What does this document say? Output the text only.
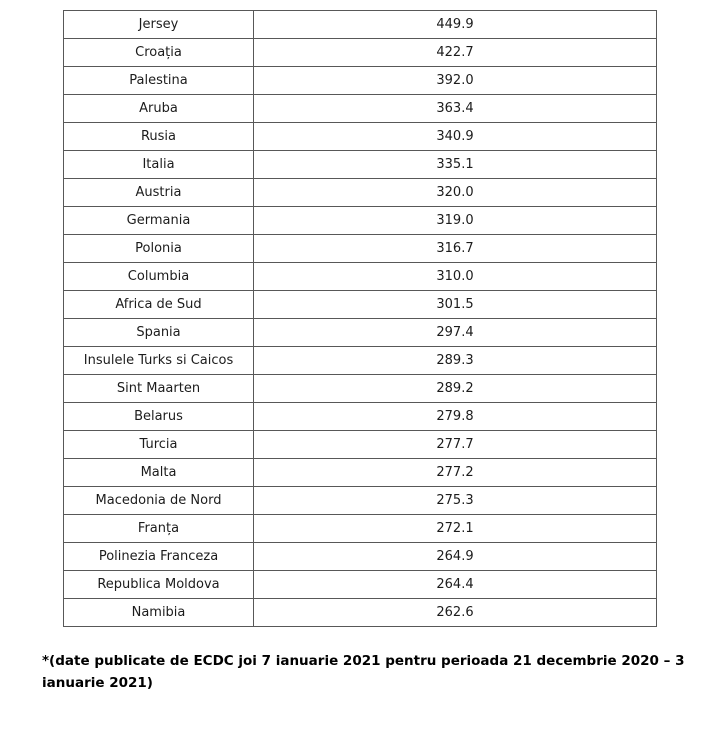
Jersey	449.9
Croația	422.7
Palestina	392.0
Aruba	363.4
Rusia	340.9
Italia	335.1
Austria	320.0
Germania	319.0
Polonia	316.7
Columbia	310.0
Africa de Sud	301.5
Spania	297.4
Insulele Turks si Caicos	289.3
Sint Maarten	289.2
Belarus	279.8
Turcia	277.7
Malta	277.2
Macedonia de Nord	275.3
Franța	272.1
Polinezia Franceza	264.9
Republica Moldova	264.4
Namibia	262.6

*(date publicate de ECDC joi 7 ianuarie 2021 pentru perioada 21 decembrie 2020 – 3 ianuarie 2021)
